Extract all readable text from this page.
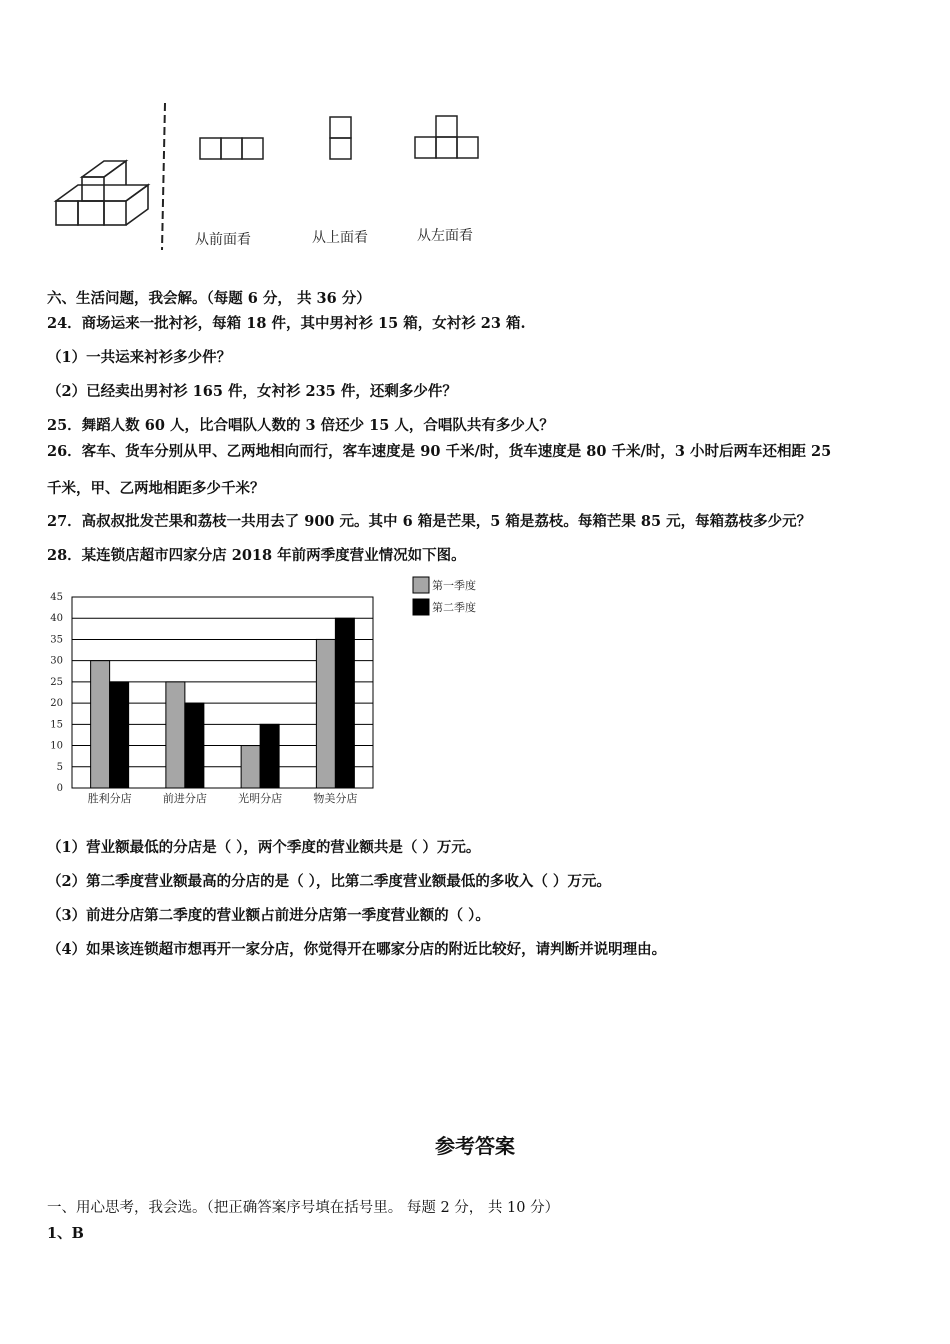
从前面看	从上面看	从左面看
六、生活问题，我会解。（每题 6 分， 共 36 分）
24．商场运来一批衬衫，每箱 18 件，其中男衬衫 15 箱，女衬衫 23 箱.
（1）一共运来衬衫多少件？
（2）已经卖出男衬衫 165 件，女衬衫 235 件，还剩多少件？
25．舞蹈人数 60 人，比合唱队人数的 3 倍还少 15 人，合唱队共有多少人？
26．客车、货车分别从甲、乙两地相向而行，客车速度是 90 千米/时，货车速度是 80 千米/时，3 小时后两车还相距 25
千米，甲、乙两地相距多少千米？
27．高叔叔批发芒果和荔枝一共用去了 900 元。其中 6 箱是芒果，5 箱是荔枝。每箱芒果 85 元，每箱荔枝多少元？
28．某连锁店超市四家分店 2018 年前两季度营业情况如下图。
0
5
10
15
20
25
30
35
40
45
胜利分店	前进分店	光明分店	物美分店
第一季度
第二季度
（1）营业额最低的分店是（ ），两个季度的营业额共是（ ）万元。
（2）第二季度营业额最高的分店的是（ ），比第二季度营业额最低的多收入（ ）万元。
（3）前进分店第二季度的营业额占前进分店第一季度营业额的（ ）。
（4）如果该连锁超市想再开一家分店，你觉得开在哪家分店的附近比较好，请判断并说明理由。
参考答案
一、用心思考，我会选。（把正确答案序号填在括号里。 每题 2 分， 共 10 分）
1、B
